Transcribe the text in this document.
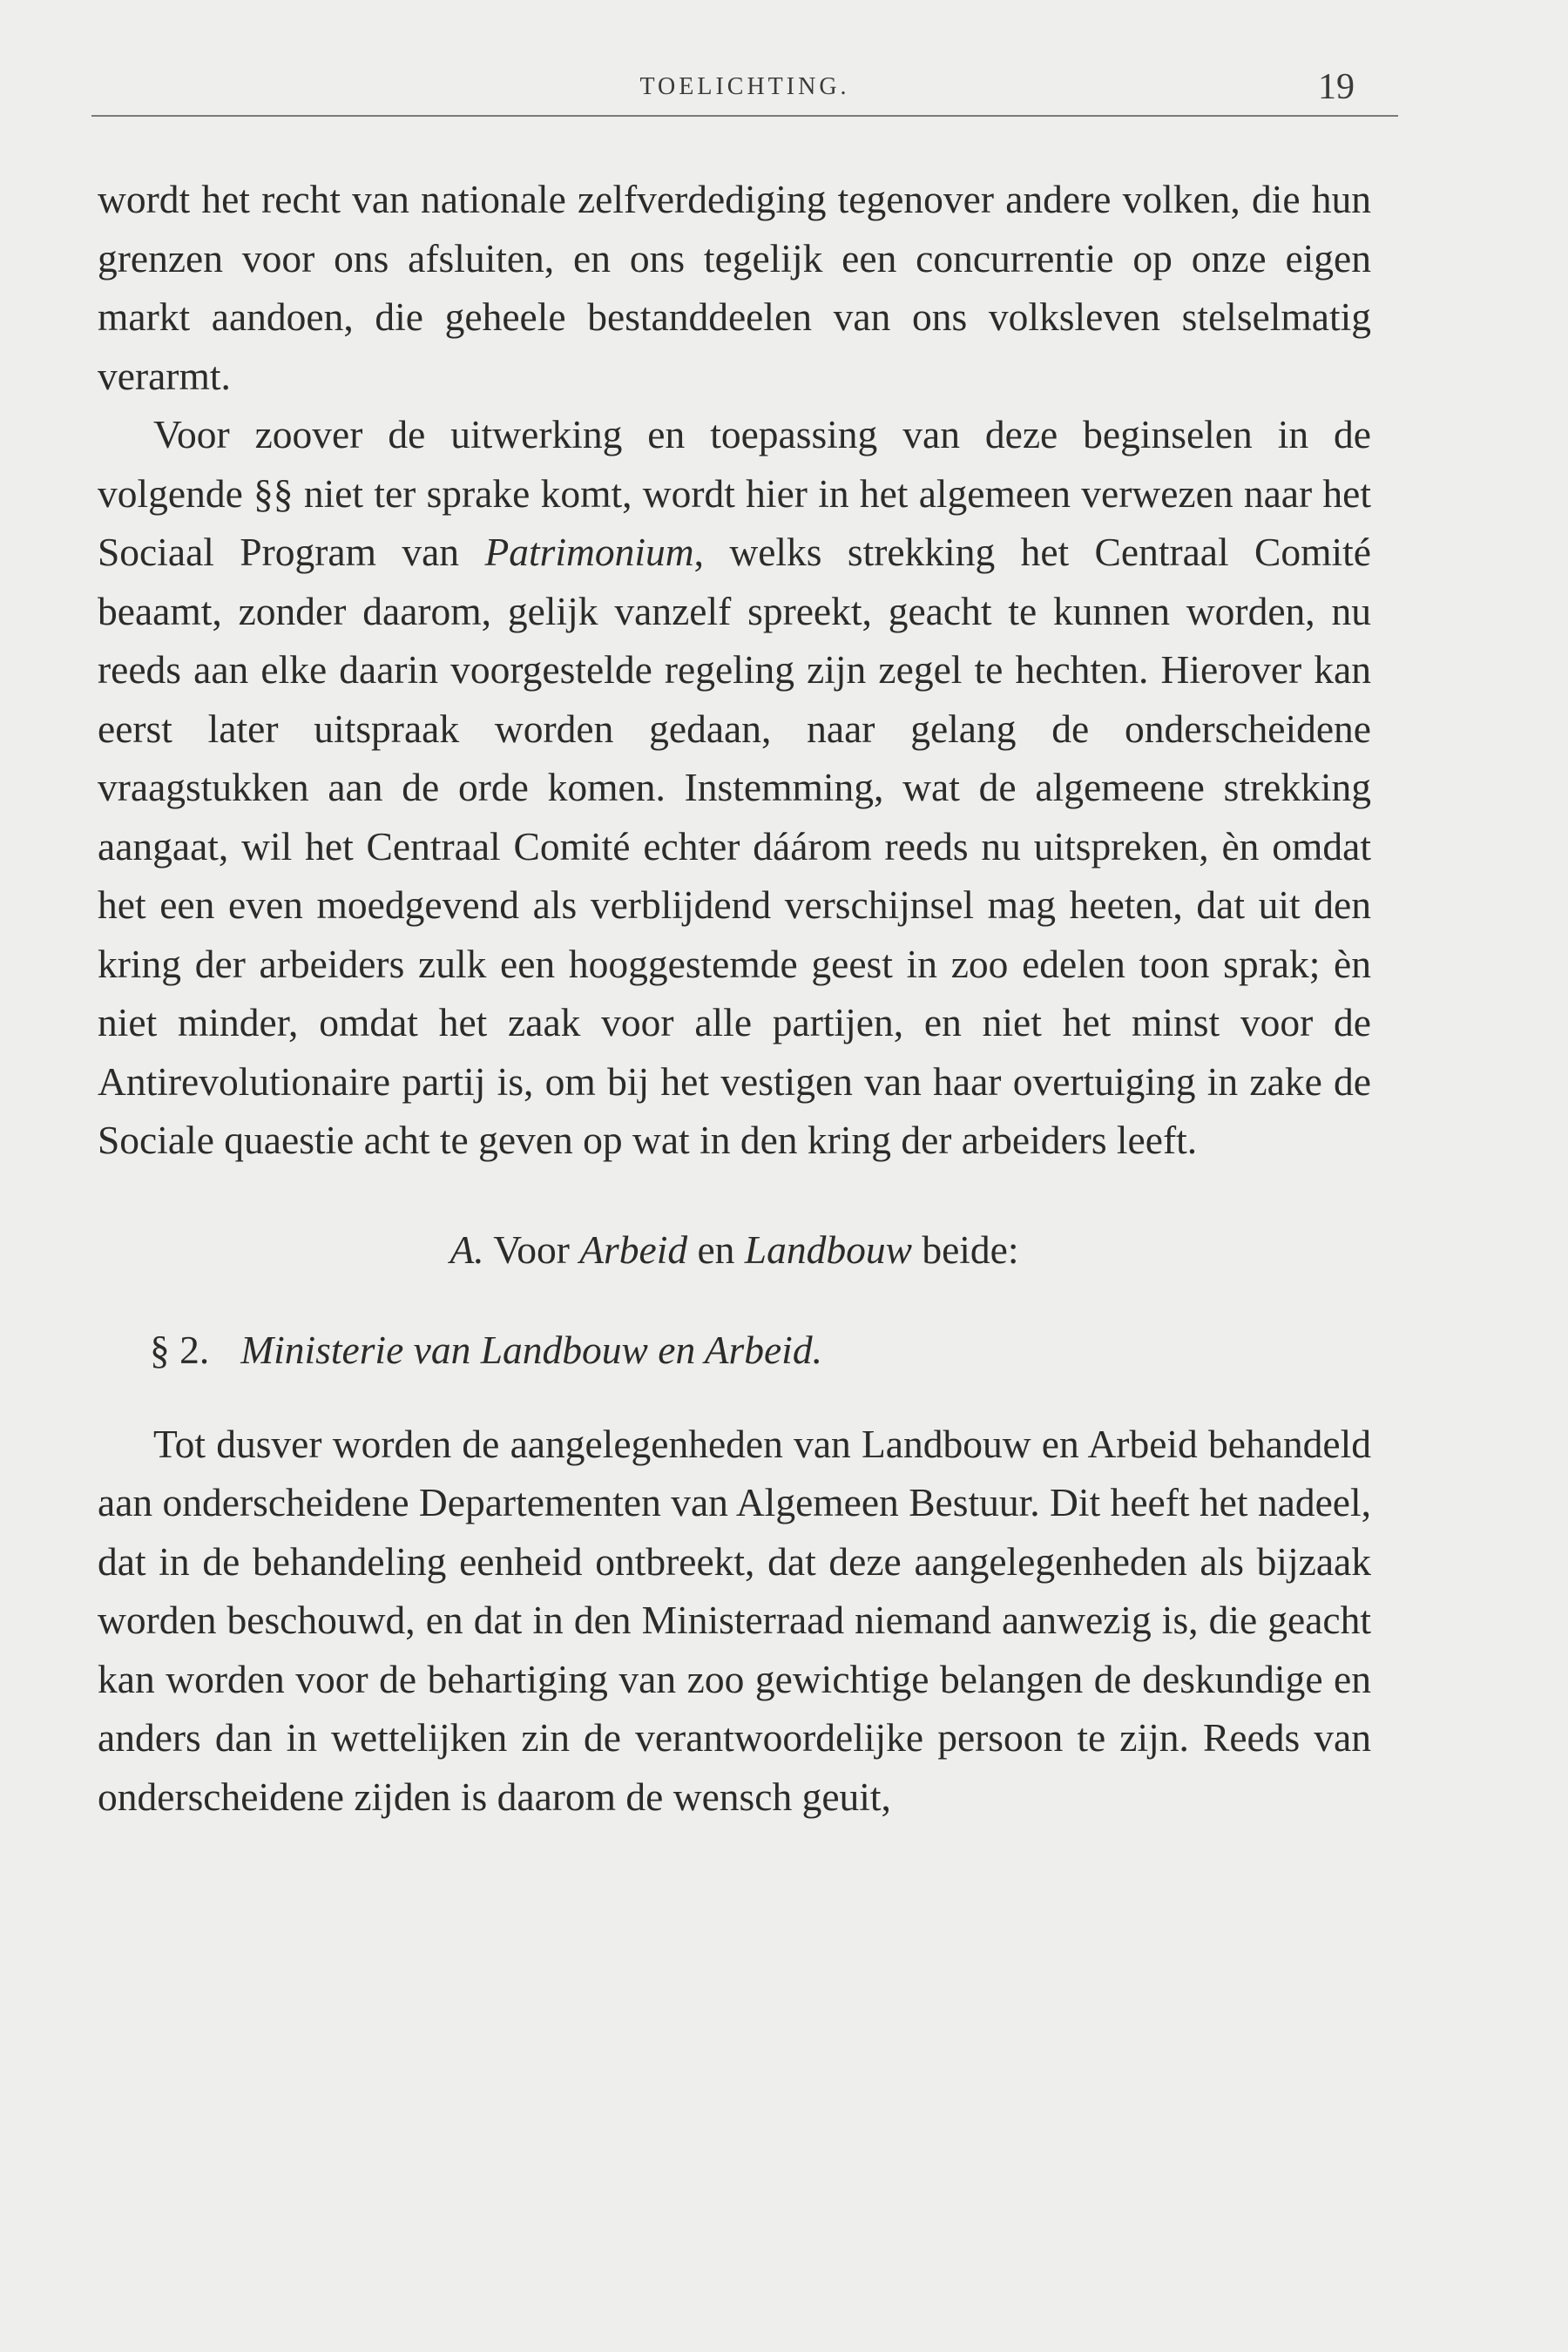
TOELICHTING.	19

wordt het recht van nationale zelfverdediging tegenover andere volken, die hun grenzen voor ons afsluiten, en ons tegelijk een concurrentie op onze eigen markt aandoen, die geheele bestanddeelen van ons volksleven stelselmatig verarmt.

Voor zoover de uitwerking en toepassing van deze beginselen in de volgende §§ niet ter sprake komt, wordt hier in het algemeen verwezen naar het Sociaal Program van Patrimonium, welks strekking het Centraal Comité beaamt, zonder daarom, gelijk vanzelf spreekt, geacht te kunnen worden, nu reeds aan elke daarin voorgestelde regeling zijn zegel te hechten. Hierover kan eerst later uitspraak worden gedaan, naar gelang de onderscheidene vraagstukken aan de orde komen. Instemming, wat de algemeene strekking aangaat, wil het Centraal Comité echter dáárom reeds nu uitspreken, èn omdat het een even moedgevend als verblijdend verschijnsel mag heeten, dat uit den kring der arbeiders zulk een hooggestemde geest in zoo edelen toon sprak; èn niet minder, omdat het zaak voor alle partijen, en niet het minst voor de Antirevolutionaire partij is, om bij het vestigen van haar overtuiging in zake de Sociale quaestie acht te geven op wat in den kring der arbeiders leeft.

A. Voor Arbeid en Landbouw beide:

§ 2. Ministerie van Landbouw en Arbeid.

Tot dusver worden de aangelegenheden van Landbouw en Arbeid behandeld aan onderscheidene Departementen van Algemeen Bestuur. Dit heeft het nadeel, dat in de behandeling eenheid ontbreekt, dat deze aangelegenheden als bijzaak worden beschouwd, en dat in den Ministerraad niemand aanwezig is, die geacht kan worden voor de behartiging van zoo gewichtige belangen de deskundige en anders dan in wettelijken zin de verantwoordelijke persoon te zijn. Reeds van onderscheidene zijden is daarom de wensch geuit,
